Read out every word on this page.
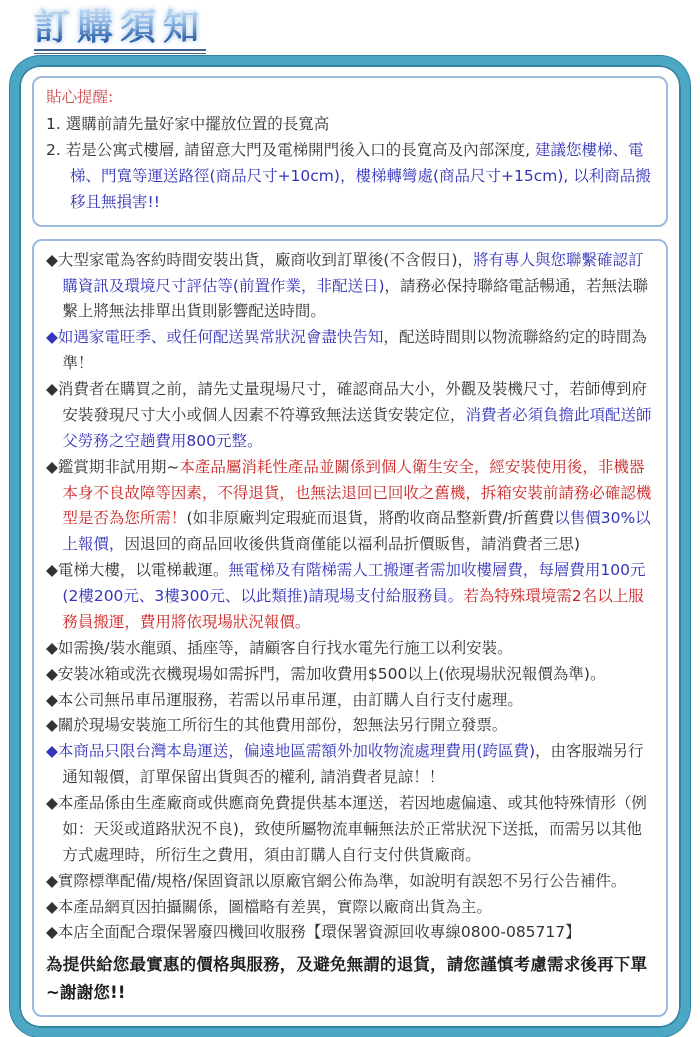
訂購須知
貼心提醒:
1. 選購前請先量好家中擺放位置的長寬高
2. 若是公寓式樓層, 請留意大門及電梯開門後入口的長寬高及內部深度, 建議您樓梯、電梯、門寬等運送路徑(商品尺寸+10cm)，樓梯轉彎處(商品尺寸+15cm), 以利商品搬移且無損害!!
◆大型家電為客約時間安裝出貨，廠商收到訂單後(不含假日)，將有專人與您聯繫確認訂購資訊及環境尺寸評估等(前置作業，非配送日)，請務必保持聯絡電話暢通，若無法聯繫上將無法排單出貨則影響配送時間。
◆如遇家電旺季、或任何配送異常狀況會盡快告知，配送時間則以物流聯絡約定的時間為準！
◆消費者在購買之前，請先丈量現場尺寸，確認商品大小，外觀及裝機尺寸，若師傅到府安裝發現尺寸大小或個人因素不符導致無法送貨安裝定位，消費者必須負擔此項配送師父勞務之空趟費用800元整。
◆鑑賞期非試用期~本產品屬消耗性產品並關係到個人衛生安全，經安裝使用後，非機器本身不良故障等因素，不得退貨，也無法退回已回收之舊機，拆箱安裝前請務必確認機型是否為您所需！(如非原廠判定瑕疵而退貨，將酌收商品整新費/折舊費以售價30%以上報價，因退回的商品回收後供貨商僅能以福利品折價販售，請消費者三思)
◆電梯大樓，以電梯載運。無電梯及有階梯需人工搬運者需加收樓層費，每層費用100元(2樓200元、3樓300元、以此類推)請現場支付給服務員。若為特殊環境需2名以上服務員搬運，費用將依現場狀況報價。
◆如需換/裝水龍頭、插座等，請顧客自行找水電先行施工以利安裝。
◆安裝冰箱或洗衣機現場如需拆門，需加收費用$500以上(依現場狀況報價為準)。
◆本公司無吊車吊運服務，若需以吊車吊運，由訂購人自行支付處理。
◆關於現場安裝施工所衍生的其他費用部份，恕無法另行開立發票。
◆本商品只限台灣本島運送，偏遠地區需額外加收物流處理費用(跨區費)，由客服端另行通知報價，訂單保留出貨與否的權利, 請消費者見諒！！
◆本產品係由生產廠商或供應商免費提供基本運送，若因地處偏遠、或其他特殊情形（例如：天災或道路狀況不良)，致使所屬物流車輛無法於正常狀況下送抵，而需另以其他方式處理時，所衍生之費用，須由訂購人自行支付供貨廠商。
◆實際標準配備/規格/保固資訊以原廠官網公佈為準，如說明有誤恕不另行公告補件。
◆本產品網頁因拍攝關係，圖檔略有差異，實際以廠商出貨為主。
◆本店全面配合環保署廢四機回收服務【環保署資源回收專線0800-085717】
為提供給您最實惠的價格與服務，及避免無謂的退貨，請您謹慎考慮需求後再下單~謝謝您!!
